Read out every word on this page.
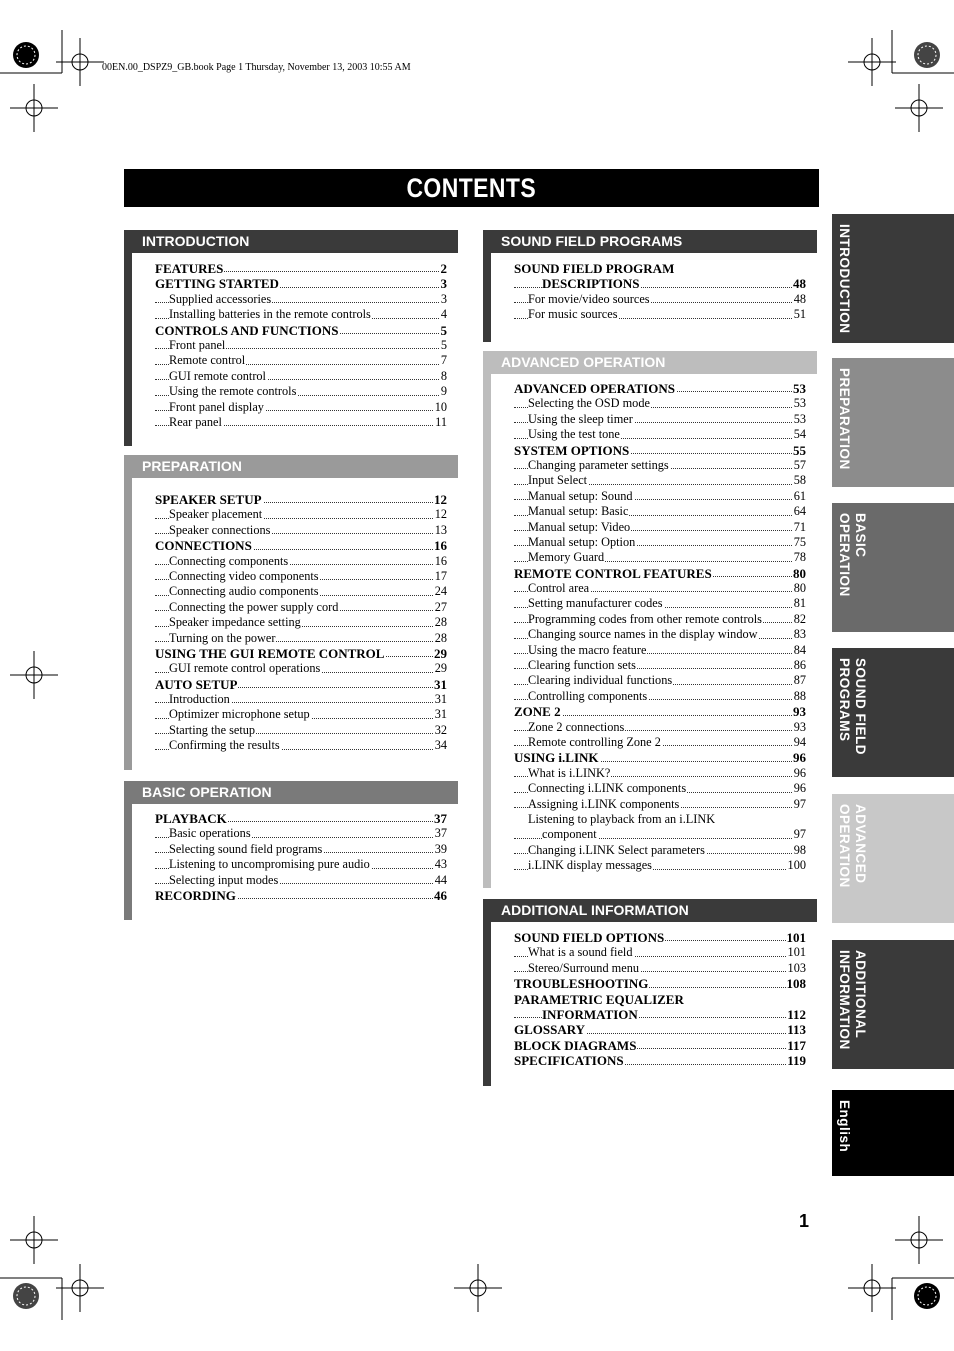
00EN.00_DSPZ9_GB.book Page 1 Thursday, November 13, 2003 10:55 AM
CONTENTS
INTRODUCTION
FEATURES	2
GETTING STARTED	3
Supplied accessories	3
Installing batteries in the remote controls	4
CONTROLS AND FUNCTIONS	5
Front panel	5
Remote control	7
GUI remote control	8
Using the remote controls	9
Front panel display	10
Rear panel	11
PREPARATION
SPEAKER SETUP	12
Speaker placement	12
Speaker connections	13
CONNECTIONS	16
Connecting components	16
Connecting video components	17
Connecting audio components	24
Connecting the power supply cord	27
Speaker impedance setting	28
Turning on the power	28
USING THE GUI REMOTE CONTROL	29
GUI remote control operations	29
AUTO SETUP	31
Introduction	31
Optimizer microphone setup	31
Starting the setup	32
Confirming the results	34
BASIC OPERATION
PLAYBACK	37
Basic operations	37
Selecting sound field programs	39
Listening to uncompromising pure audio	43
Selecting input modes	44
RECORDING	46
SOUND FIELD PROGRAMS
SOUND FIELD PROGRAM
DESCRIPTIONS	48
For movie/video sources	48
For music sources	51
ADVANCED OPERATION
ADVANCED OPERATIONS	53
Selecting the OSD mode	53
Using the sleep timer	53
Using the test tone	54
SYSTEM OPTIONS	55
Changing parameter settings	57
Input Select	58
Manual setup: Sound	61
Manual setup: Basic	64
Manual setup: Video	71
Manual setup: Option	75
Memory Guard	78
REMOTE CONTROL FEATURES	80
Control area	80
Setting manufacturer codes	81
Programming codes from other remote controls	82
Changing source names in the display window	83
Using the macro feature	84
Clearing function sets	86
Clearing individual functions	87
Controlling components	88
ZONE 2	93
Zone 2 connections	93
Remote controlling Zone 2	94
USING i.LINK	96
What is i.LINK?	96
Connecting i.LINK components	96
Assigning i.LINK components	97
Listening to playback from an i.LINK
component	97
Changing i.LINK Select parameters	98
i.LINK display messages	100
ADDITIONAL INFORMATION
SOUND FIELD OPTIONS	101
What is a sound field	101
Stereo/Surround menu	103
TROUBLESHOOTING	108
PARAMETRIC EQUALIZER
INFORMATION	112
GLOSSARY	113
BLOCK DIAGRAMS	117
SPECIFICATIONS	119
INTRODUCTION
PREPARATION
BASIC OPERATION
SOUND FIELD PROGRAMS
ADVANCED OPERATION
ADDITIONAL INFORMATION
English
1
